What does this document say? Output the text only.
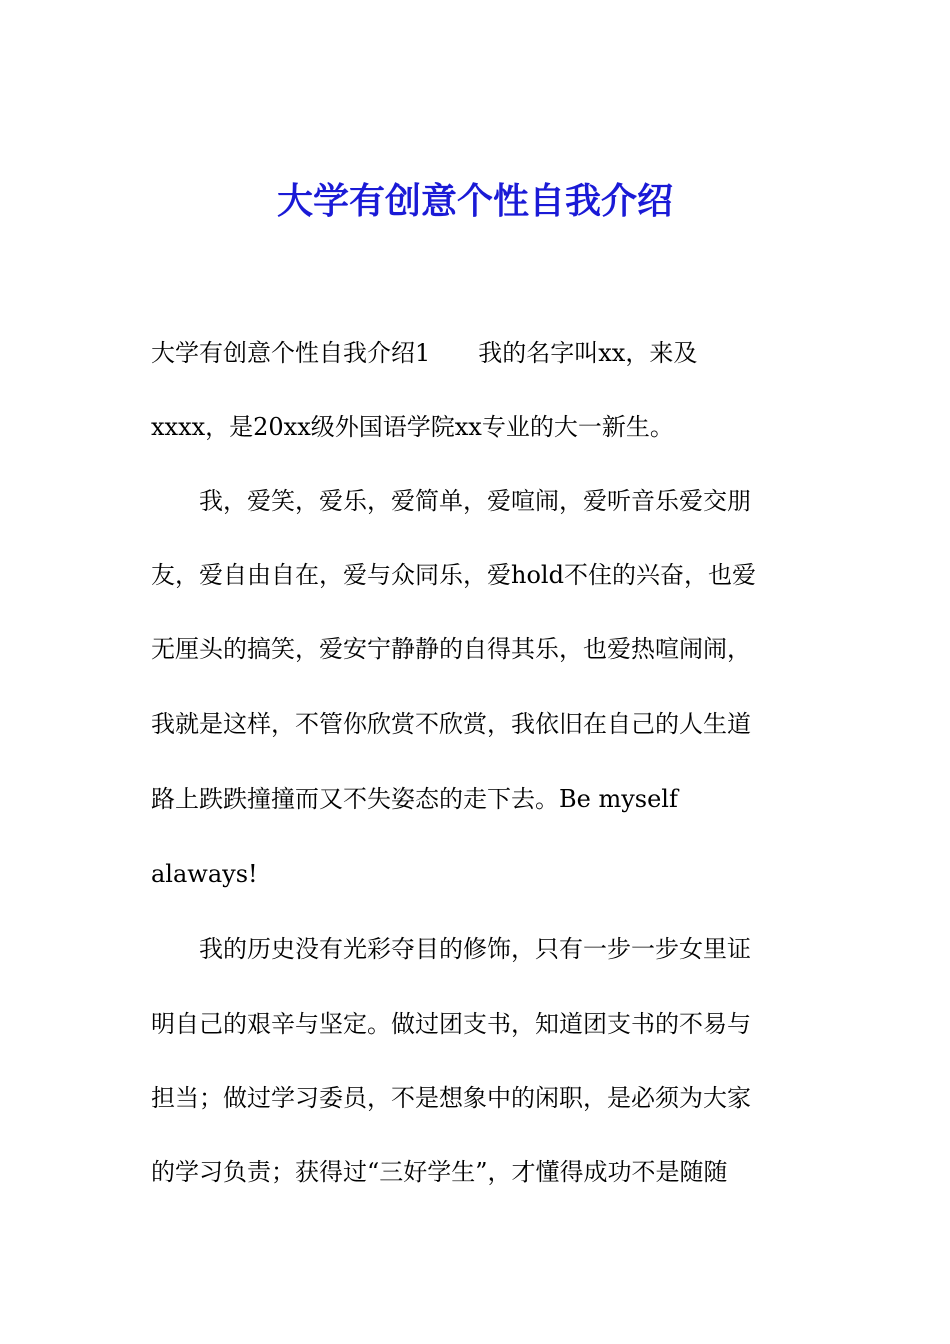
大学有创意个性自我介绍

大学有创意个性自我介绍1　　我的名字叫xx，来及

xxxx，是20xx级外国语学院xx专业的大一新生。

　　我，爱笑，爱乐，爱简单，爱喧闹，爱听音乐爱交朋

友，爱自由自在，爱与众同乐，爱hold不住的兴奋，也爱

无厘头的搞笑，爱安宁静静的自得其乐，也爱热喧闹闹，

我就是这样，不管你欣赏不欣赏，我依旧在自己的人生道

路上跌跌撞撞而又不失姿态的走下去。Be myself

alaways!

　　我的历史没有光彩夺目的修饰，只有一步一步女里证

明自己的艰辛与坚定。做过团支书，知道团支书的不易与

担当；做过学习委员，不是想象中的闲职，是必须为大家

的学习负责；获得过“三好学生”，才懂得成功不是随随
